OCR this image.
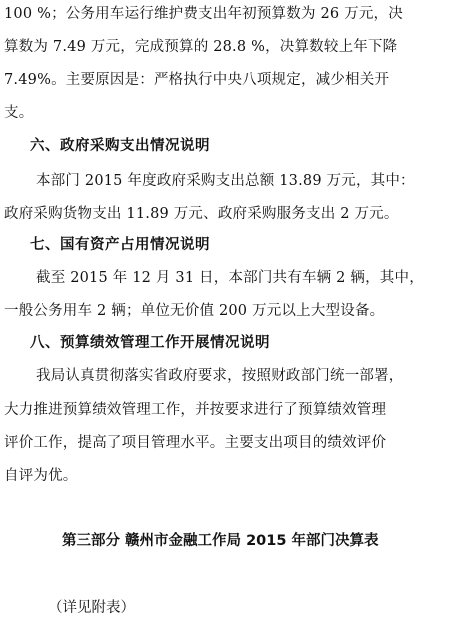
100 %；公务用车运行维护费支出年初预算数为 26 万元，决
算数为 7.49 万元，完成预算的 28.8 %，决算数较上年下降
7.49%。主要原因是：严格执行中央八项规定，减少相关开
支。
六、政府采购支出情况说明
本部门 2015 年度政府采购支出总额 13.89 万元，其中：
政府采购货物支出 11.89 万元、政府采购服务支出 2 万元。
七、国有资产占用情况说明
截至 2015 年 12 月 31 日，本部门共有车辆 2 辆，其中，
一般公务用车 2 辆；单位无价值 200 万元以上大型设备。
八、预算绩效管理工作开展情况说明
我局认真贯彻落实省政府要求，按照财政部门统一部署，
大力推进预算绩效管理工作，并按要求进行了预算绩效管理
评价工作，提高了项目管理水平。主要支出项目的绩效评价
自评为优。
第三部分 赣州市金融工作局 2015 年部门决算表
（详见附表）
